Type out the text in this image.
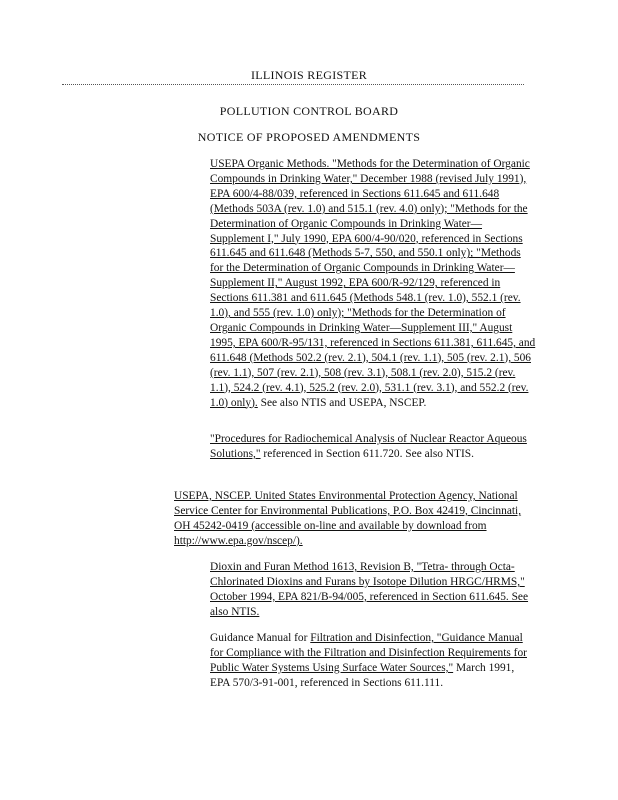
ILLINOIS REGISTER
POLLUTION CONTROL BOARD
NOTICE OF PROPOSED AMENDMENTS
USEPA Organic Methods. "Methods for the Determination of Organic Compounds in Drinking Water," December 1988 (revised July 1991), EPA 600/4-88/039, referenced in Sections 611.645 and 611.648 (Methods 503A (rev. 1.0) and 515.1 (rev. 4.0) only); "Methods for the Determination of Organic Compounds in Drinking Water—Supplement I," July 1990, EPA 600/4-90/020, referenced in Sections 611.645 and 611.648 (Methods 5-7, 550, and 550.1 only); "Methods for the Determination of Organic Compounds in Drinking Water—Supplement II," August 1992, EPA 600/R-92/129, referenced in Sections 611.381 and 611.645 (Methods 548.1 (rev. 1.0), 552.1 (rev. 1.0), and 555 (rev. 1.0) only); "Methods for the Determination of Organic Compounds in Drinking Water—Supplement III," August 1995, EPA 600/R-95/131, referenced in Sections 611.381, 611.645, and 611.648 (Methods 502.2 (rev. 2.1), 504.1 (rev. 1.1), 505 (rev. 2.1), 506 (rev. 1.1), 507 (rev. 2.1), 508 (rev. 3.1), 508.1 (rev. 2.0), 515.2 (rev. 1.1), 524.2 (rev. 4.1), 525.2 (rev. 2.0), 531.1 (rev. 3.1), and 552.2 (rev. 1.0) only). See also NTIS and USEPA, NSCEP.
"Procedures for Radiochemical Analysis of Nuclear Reactor Aqueous Solutions," referenced in Section 611.720. See also NTIS.
USEPA, NSCEP. United States Environmental Protection Agency, National Service Center for Environmental Publications, P.O. Box 42419, Cincinnati, OH 45242-0419 (accessible on-line and available by download from http://www.epa.gov/nscep/).
Dioxin and Furan Method 1613, Revision B, "Tetra- through Octa-Chlorinated Dioxins and Furans by Isotope Dilution HRGC/HRMS," October 1994, EPA 821/B-94/005, referenced in Section 611.645. See also NTIS.
Guidance Manual for Filtration and Disinfection, "Guidance Manual for Compliance with the Filtration and Disinfection Requirements for Public Water Systems Using Surface Water Sources," March 1991, EPA 570/3-91-001, referenced in Sections 611.111.
